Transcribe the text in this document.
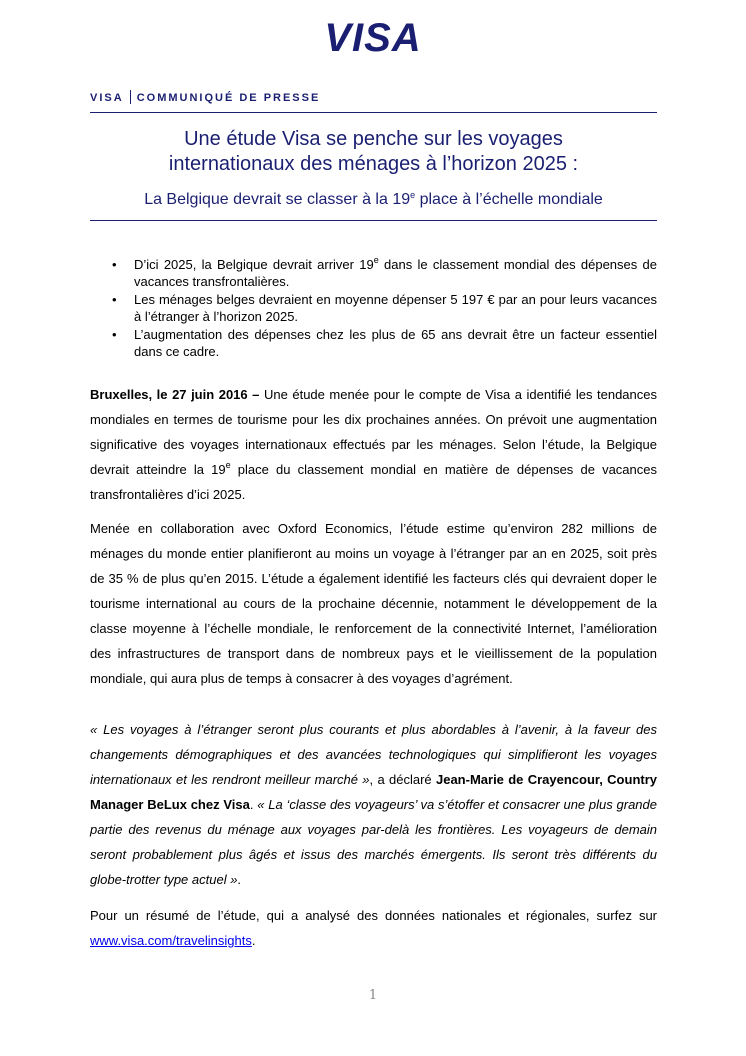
VISA
VISA COMMUNIQUÉ DE PRESSE
Une étude Visa se penche sur les voyages
internationaux des ménages à l’horizon 2025 :
La Belgique devrait se classer à la 19e place à l’échelle mondiale
• D’ici 2025, la Belgique devrait arriver 19e dans le classement mondial des dépenses de vacances transfrontalières.
• Les ménages belges devraient en moyenne dépenser 5 197 € par an pour leurs vacances à l’étranger à l’horizon 2025.
• L’augmentation des dépenses chez les plus de 65 ans devrait être un facteur essentiel dans ce cadre.
Bruxelles, le 27 juin 2016 – Une étude menée pour le compte de Visa a identifié les tendances mondiales en termes de tourisme pour les dix prochaines années. On prévoit une augmentation significative des voyages internationaux effectués par les ménages. Selon l’étude, la Belgique devrait atteindre la 19e place du classement mondial en matière de dépenses de vacances transfrontalières d’ici 2025.
Menée en collaboration avec Oxford Economics, l’étude estime qu’environ 282 millions de ménages du monde entier planifieront au moins un voyage à l’étranger par an en 2025, soit près de 35 % de plus qu’en 2015. L’étude a également identifié les facteurs clés qui devraient doper le tourisme international au cours de la prochaine décennie, notamment le développement de la classe moyenne à l’échelle mondiale, le renforcement de la connectivité Internet, l’amélioration des infrastructures de transport dans de nombreux pays et le vieillissement de la population mondiale, qui aura plus de temps à consacrer à des voyages d’agrément.
« Les voyages à l’étranger seront plus courants et plus abordables à l’avenir, à la faveur des changements démographiques et des avancées technologiques qui simplifieront les voyages internationaux et les rendront meilleur marché », a déclaré Jean-Marie de Crayencour, Country Manager BeLux chez Visa. « La ‘classe des voyageurs’ va s’étoffer et consacrer une plus grande partie des revenus du ménage aux voyages par-delà les frontières. Les voyageurs de demain seront probablement plus âgés et issus des marchés émergents. Ils seront très différents du globe-trotter type actuel ».
Pour un résumé de l’étude, qui a analysé des données nationales et régionales, surfez sur www.visa.com/travelinsights.
1
